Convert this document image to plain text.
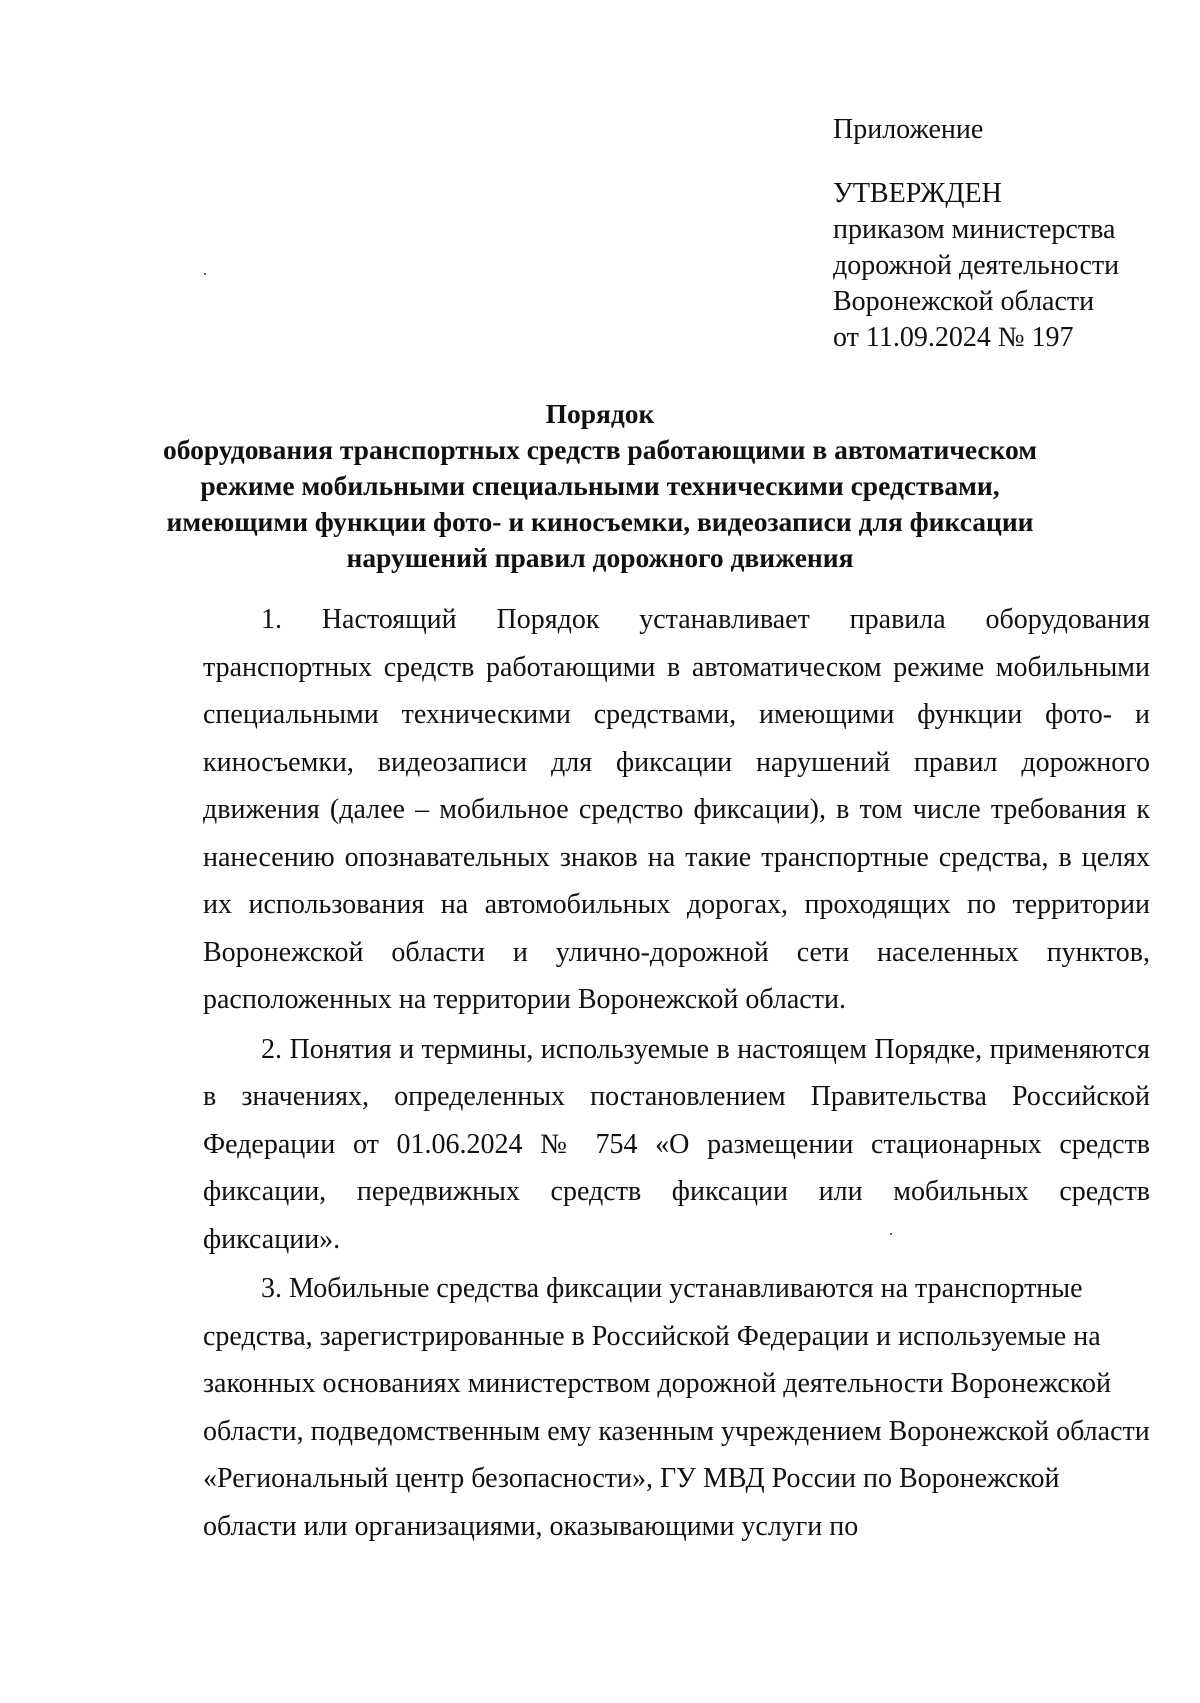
Приложение
УТВЕРЖДЕН
приказом министерства
дорожной деятельности
Воронежской области
от 11.09.2024 № 197
Порядок
оборудования транспортных средств работающими в автоматическом
режиме мобильными специальными техническими средствами,
имеющими функции фото- и киносъемки, видеозаписи для фиксации
нарушений правил дорожного движения

1. Настоящий Порядок устанавливает правила оборудования транспортных средств работающими в автоматическом режиме мобильными специальными техническими средствами, имеющими функции фото- и киносъемки, видеозаписи для фиксации нарушений правил дорожного движения (далее – мобильное средство фиксации), в том числе требования к нанесению опознавательных знаков на такие транспортные средства, в целях их использования на автомобильных дорогах, проходящих по территории Воронежской области и улично-дорожной сети населенных пунктов, расположенных на территории Воронежской области.

2. Понятия и термины, используемые в настоящем Порядке, применяются в значениях, определенных постановлением Правительства Российской Федерации от 01.06.2024 № 754 «О размещении стационарных средств фиксации, передвижных средств фиксации или мобильных средств фиксации».

3. Мобильные средства фиксации устанавливаются на транспортные средства, зарегистрированные в Российской Федерации и используемые на законных основаниях министерством дорожной деятельности Воронежской области, подведомственным ему казенным учреждением Воронежской области «Региональный центр безопасности», ГУ МВД России по Воронежской области или организациями, оказывающими услуги по
